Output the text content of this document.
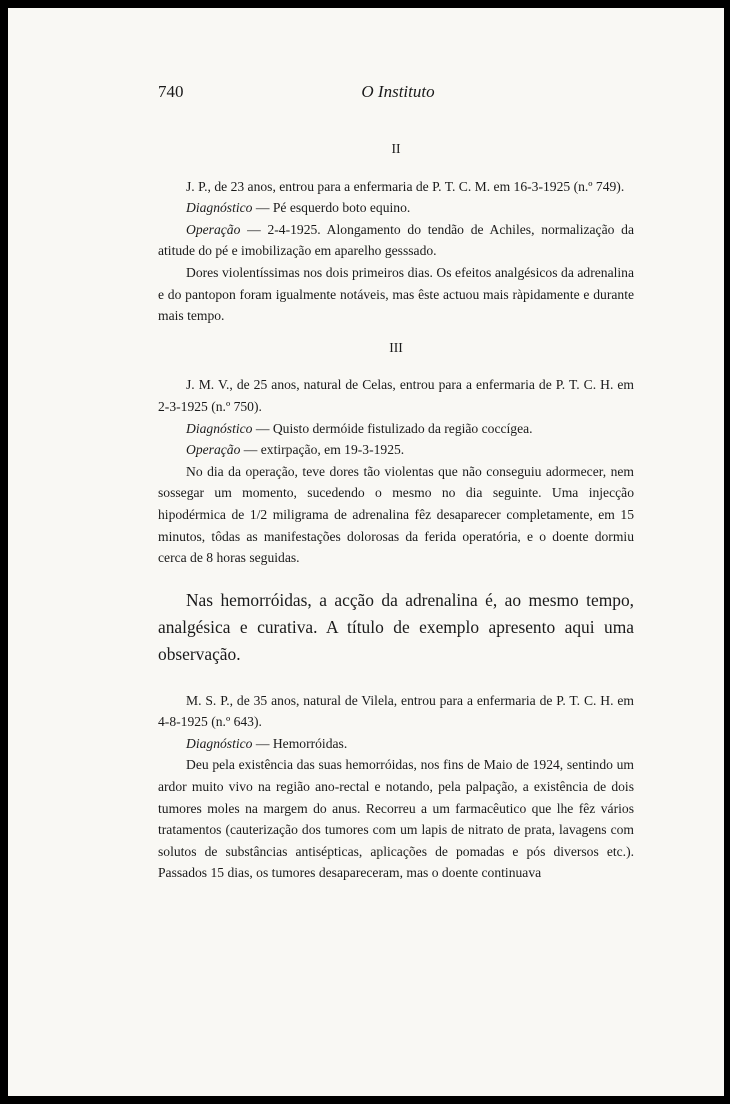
740	O Instituto
II

J. P., de 23 anos, entrou para a enfermaria de P. T. C. M. em 16-3-1925 (n.º 749).

Diagnóstico — Pé esquerdo boto equino.

Operação — 2-4-1925. Alongamento do tendão de Achiles, normalização da atitude do pé e imobilização em aparelho gesssado.

Dores violentíssimas nos dois primeiros dias. Os efeitos analgésicos da adrenalina e do pantopon foram igualmente notáveis, mas êste actuou mais ràpidamente e durante mais tempo.

III

J. M. V., de 25 anos, natural de Celas, entrou para a enfermaria de P. T. C. H. em 2-3-1925 (n.º 750).

Diagnóstico — Quisto dermóide fistulizado da região coccígea.

Operação — extirpação, em 19-3-1925.

No dia da operação, teve dores tão violentas que não conseguiu adormecer, nem sossegar um momento, sucedendo o mesmo no dia seguinte. Uma injecção hipodérmica de 1/2 miligrama de adrenalina fêz desaparecer completamente, em 15 minutos, tôdas as manifestações dolorosas da ferida operatória, e o doente dormiu cerca de 8 horas seguidas.

Nas hemorróidas, a acção da adrenalina é, ao mesmo tempo, analgésica e curativa. A título de exemplo apresento aqui uma observação.

M. S. P., de 35 anos, natural de Vilela, entrou para a enfermaria de P. T. C. H. em 4-8-1925 (n.º 643).

Diagnóstico — Hemorróidas.

Deu pela existência das suas hemorróidas, nos fins de Maio de 1924, sentindo um ardor muito vivo na região ano-rectal e notando, pela palpação, a existência de dois tumores moles na margem do anus. Recorreu a um farmacêutico que lhe fêz vários tratamentos (cauterização dos tumores com um lapis de nitrato de prata, lavagens com solutos de substâncias antisépticas, aplicações de pomadas e pós diversos etc.). Passados 15 dias, os tumores desapareceram, mas o doente continuava
